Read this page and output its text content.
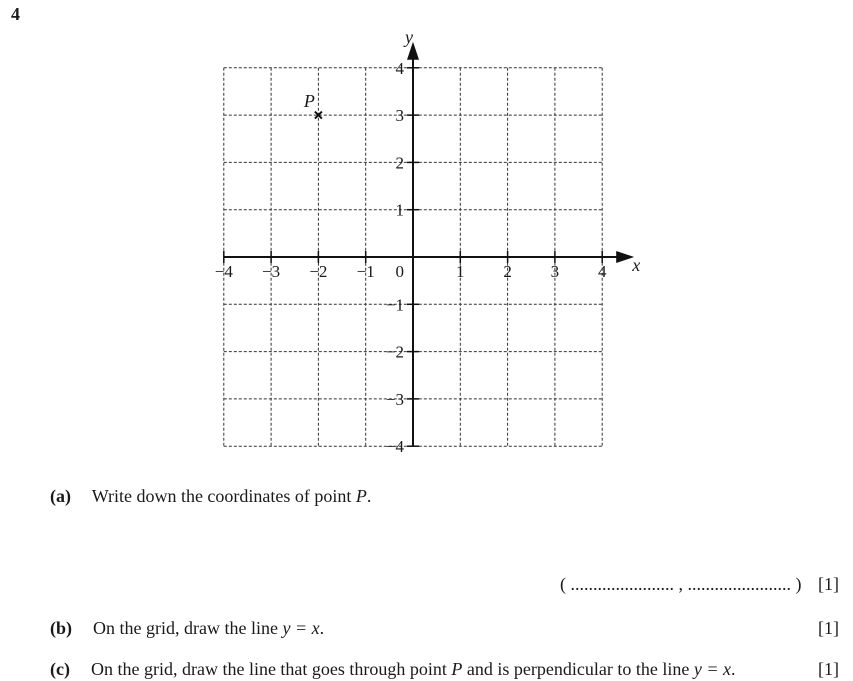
4
−4 −3 −2 −1	1 2 3 4
4
3
2
1
−1
−2
−3
−4
0	x
y
P
(a) Write down the coordinates of point P.
( ....................... , ....................... ) [1]
(b) On the grid, draw the line y = x.	[1]
(c) On the grid, draw the line that goes through point P and is perpendicular to the line y = x.	[1]
